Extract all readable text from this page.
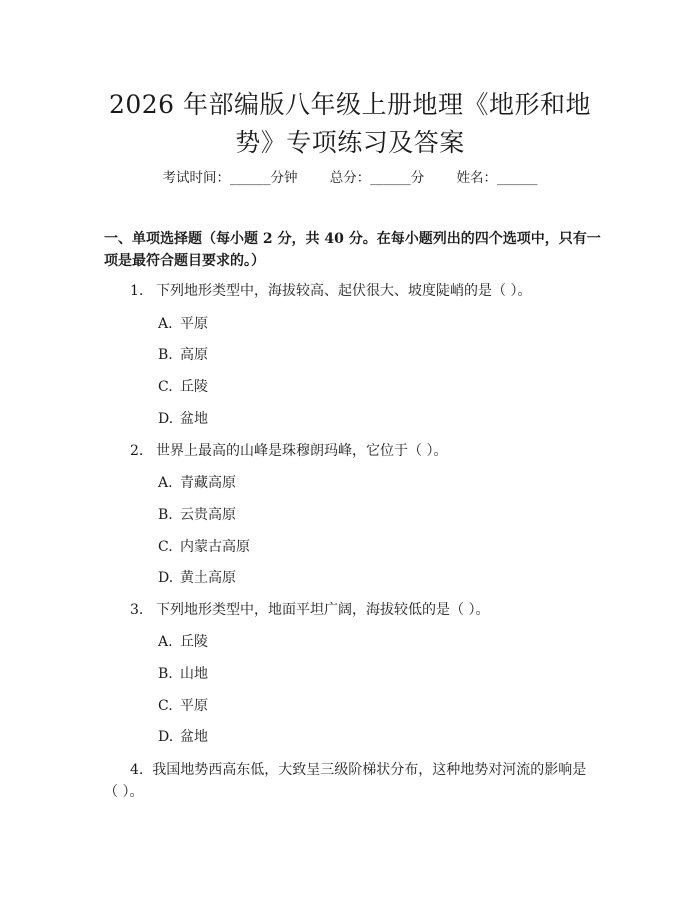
2026 年部编版八年级上册地理《地形和地
势》专项练习及答案
考试时间：______分钟 总分：______分 姓名：______
一、单项选择题（每小题 2 分，共 40 分。在每小题列出的四个选项中，只有一项是最符合题目要求的。）
1. 下列地形类型中，海拔较高、起伏很大、坡度陡峭的是（ ）。
A. 平原
B. 高原
C. 丘陵
D. 盆地
2. 世界上最高的山峰是珠穆朗玛峰，它位于（ ）。
A. 青藏高原
B. 云贵高原
C. 内蒙古高原
D. 黄土高原
3. 下列地形类型中，地面平坦广阔，海拔较低的是（ ）。
A. 丘陵
B. 山地
C. 平原
D. 盆地
4. 我国地势西高东低，大致呈三级阶梯状分布，这种地势对河流的影响是（ ）。
